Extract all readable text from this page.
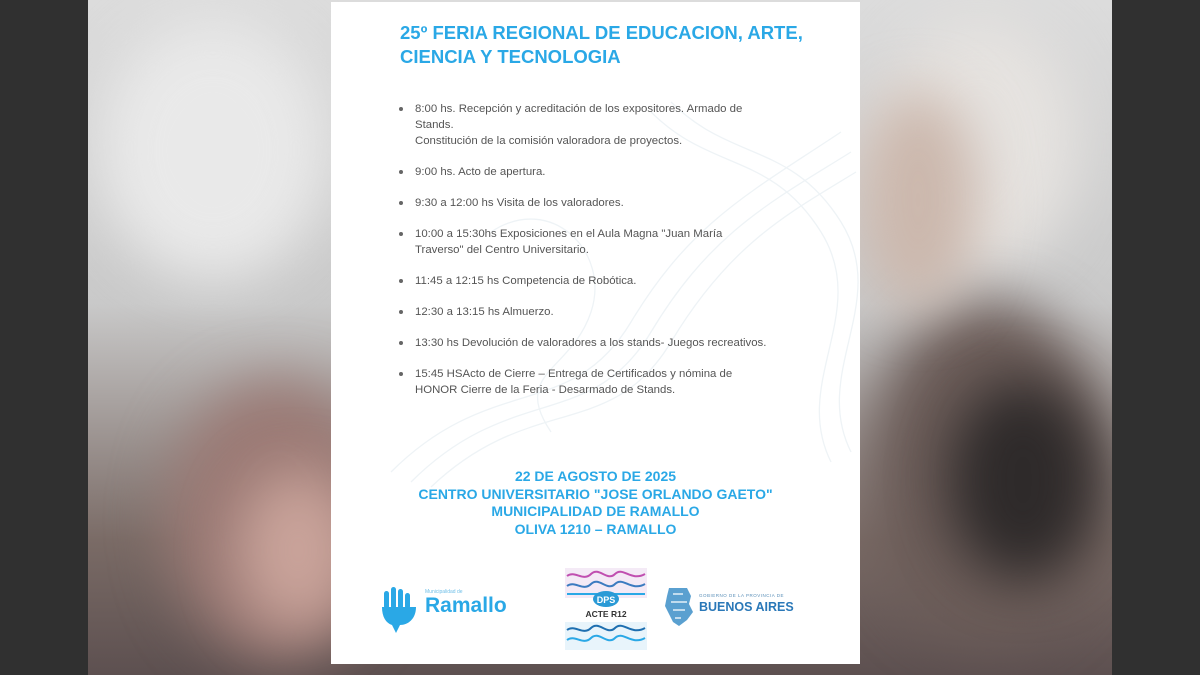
25º FERIA REGIONAL DE EDUCACION, ARTE,
CIENCIA Y TECNOLOGIA
8:00 hs. Recepción y acreditación de los expositores. Armado de
Stands.
Constitución de la comisión valoradora de proyectos.
9:00 hs. Acto de apertura.
9:30 a 12:00 hs Visita de los valoradores.
10:00 a 15:30hs Exposiciones en el Aula Magna "Juan María
Traverso" del Centro Universitario.
11:45 a 12:15 hs Competencia de Robótica.
12:30 a 13:15 hs Almuerzo.
13:30 hs Devolución de valoradores a los stands- Juegos recreativos.
15:45 HSActo de Cierre – Entrega de Certificados y nómina de
HONOR Cierre de la Feria - Desarmado de Stands.
22 DE AGOSTO DE 2025
CENTRO UNIVERSITARIO "JOSE ORLANDO GAETO"
MUNICIPALIDAD DE RAMALLO
OLIVA 1210 – RAMALLO
Municipalidad de
Ramallo	DPS
ACTE R12
GOBIERNO DE LA PROVINCIA DE
BUENOS AIRES
